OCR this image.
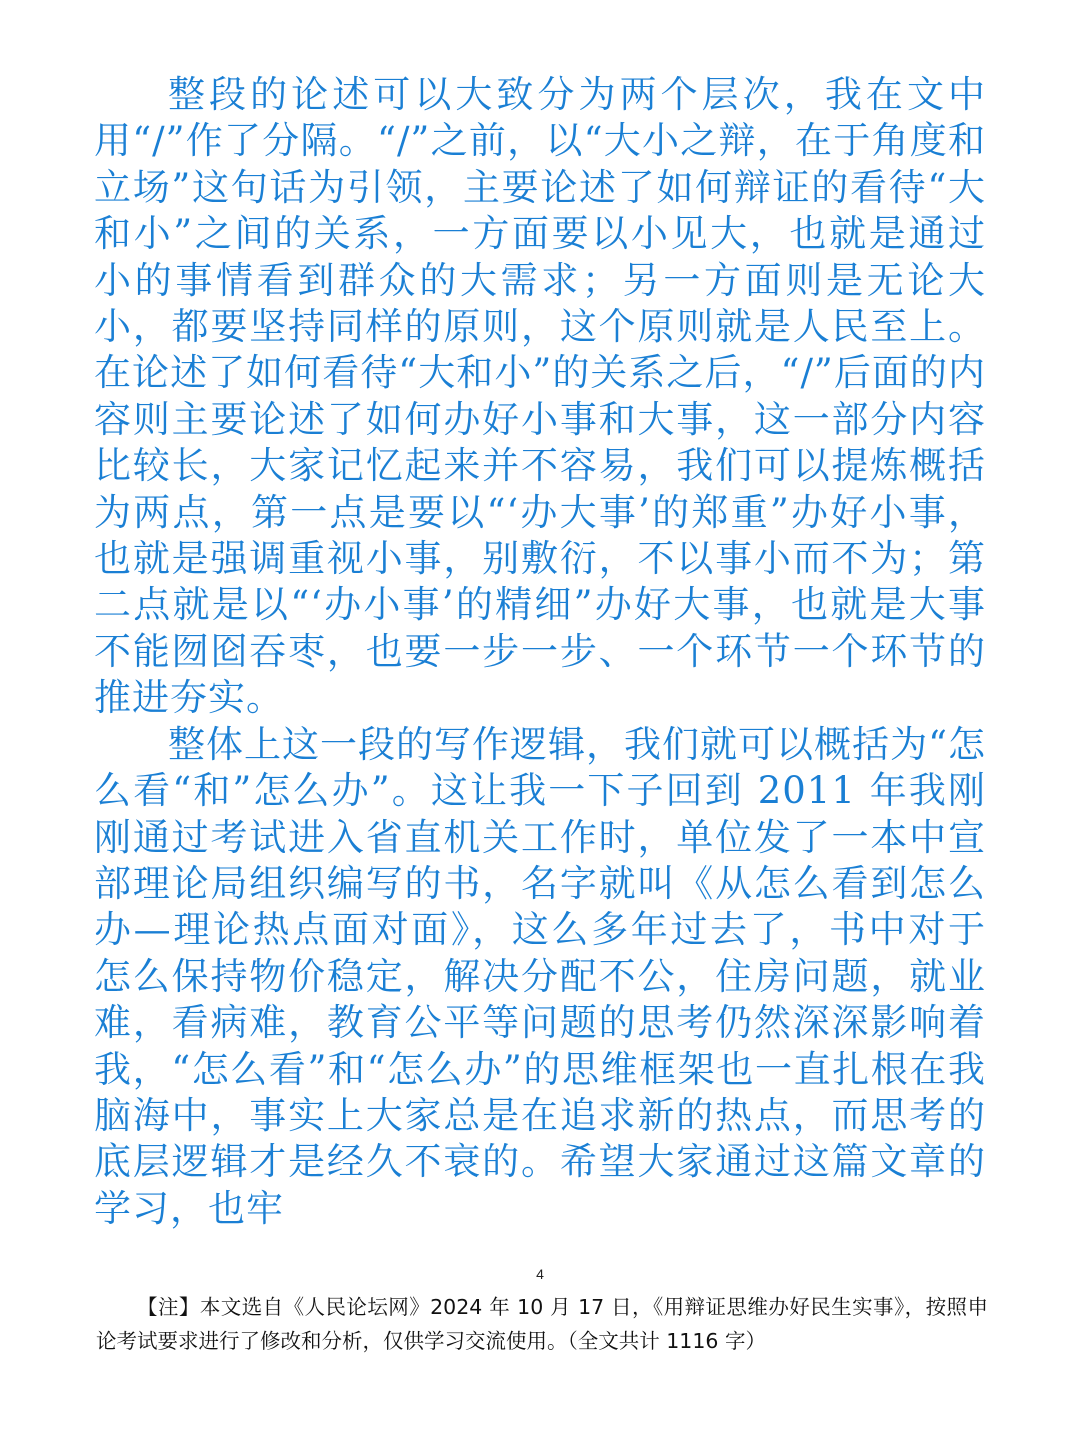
整段的论述可以大致分为两个层次，我在文中用“/”作了分隔。“/”之前，以“大小之辩，在于角度和立场”这句话为引领，主要论述了如何辩证的看待“大和小”之间的关系，一方面要以小见大，也就是通过小的事情看到群众的大需求；另一方面则是无论大小，都要坚持同样的原则，这个原则就是人民至上。在论述了如何看待“大和小”的关系之后，“/”后面的内容则主要论述了如何办好小事和大事，这一部分内容比较长，大家记忆起来并不容易，我们可以提炼概括为两点，第一点是要以“‘办大事’的郑重”办好小事，也就是强调重视小事，别敷衍，不以事小而不为；第二点就是以“‘办小事’的精细”办好大事，也就是大事不能囫囵吞枣，也要一步一步、一个环节一个环节的推进夯实。

整体上这一段的写作逻辑，我们就可以概括为“怎么看“和”怎么办”。这让我一下子回到 2011 年我刚刚通过考试进入省直机关工作时，单位发了一本中宣部理论局组织编写的书，名字就叫《从怎么看到怎么办—理论热点面对面》，这么多年过去了，书中对于怎么保持物价稳定，解决分配不公，住房问题，就业难，看病难，教育公平等问题的思考仍然深深影响着我，“怎么看”和“怎么办”的思维框架也一直扎根在我脑海中，事实上大家总是在追求新的热点，而思考的底层逻辑才是经久不衰的。希望大家通过这篇文章的学习，也牢

4
【注】本文选自《人民论坛网》2024 年 10 月 17 日，《用辩证思维办好民生实事》，按照申论考试要求进行了修改和分析，仅供学习交流使用。（全文共计 1116 字）
